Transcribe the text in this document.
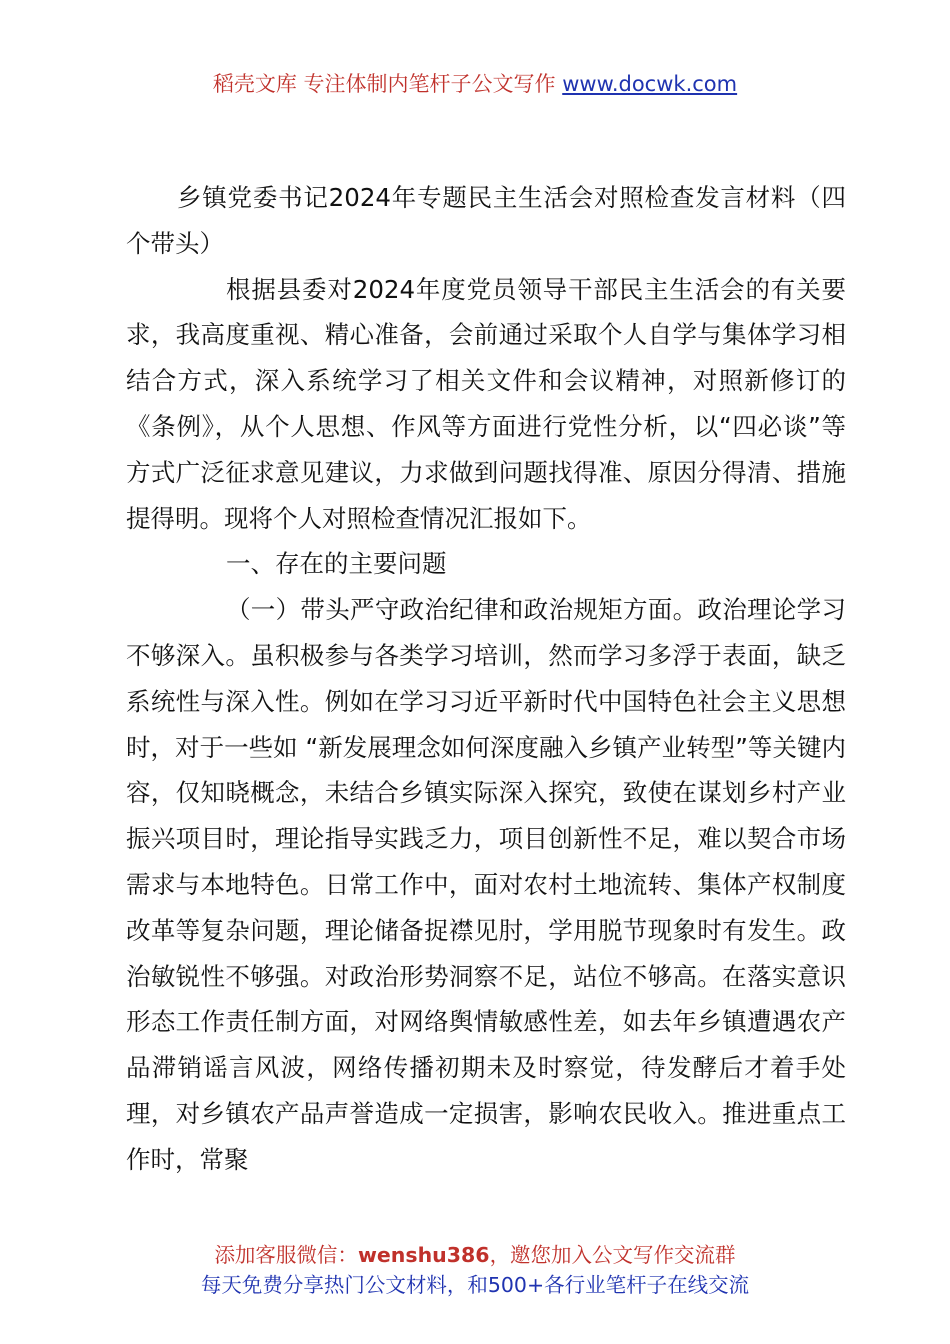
稻壳文库 专注体制内笔杆子公文写作 www.docwk.com

乡镇党委书记2024年专题民主生活会对照检查发言材料（四个带头）

根据县委对2024年度党员领导干部民主生活会的有关要求，我高度重视、精心准备，会前通过采取个人自学与集体学习相结合方式，深入系统学习了相关文件和会议精神，对照新修订的《条例》，从个人思想、作风等方面进行党性分析，以“四必谈”等方式广泛征求意见建议，力求做到问题找得准、原因分得清、措施提得明。现将个人对照检查情况汇报如下。

一、存在的主要问题

（一）带头严守政治纪律和政治规矩方面。政治理论学习不够深入。虽积极参与各类学习培训，然而学习多浮于表面，缺乏系统性与深入性。例如在学习习近平新时代中国特色社会主义思想时，对于一些如 “新发展理念如何深度融入乡镇产业转型”等关键内容，仅知晓概念，未结合乡镇实际深入探究，致使在谋划乡村产业振兴项目时，理论指导实践乏力，项目创新性不足，难以契合市场需求与本地特色。日常工作中，面对农村土地流转、集体产权制度改革等复杂问题，理论储备捉襟见肘，学用脱节现象时有发生。政治敏锐性不够强。对政治形势洞察不足，站位不够高。在落实意识形态工作责任制方面，对网络舆情敏感性差，如去年乡镇遭遇农产品滞销谣言风波，网络传播初期未及时察觉，待发酵后才着手处理，对乡镇农产品声誉造成一定损害，影响农民收入。推进重点工作时，常聚

添加客服微信：wenshu386，邀您加入公文写作交流群
每天免费分享热门公文材料，和500+各行业笔杆子在线交流
